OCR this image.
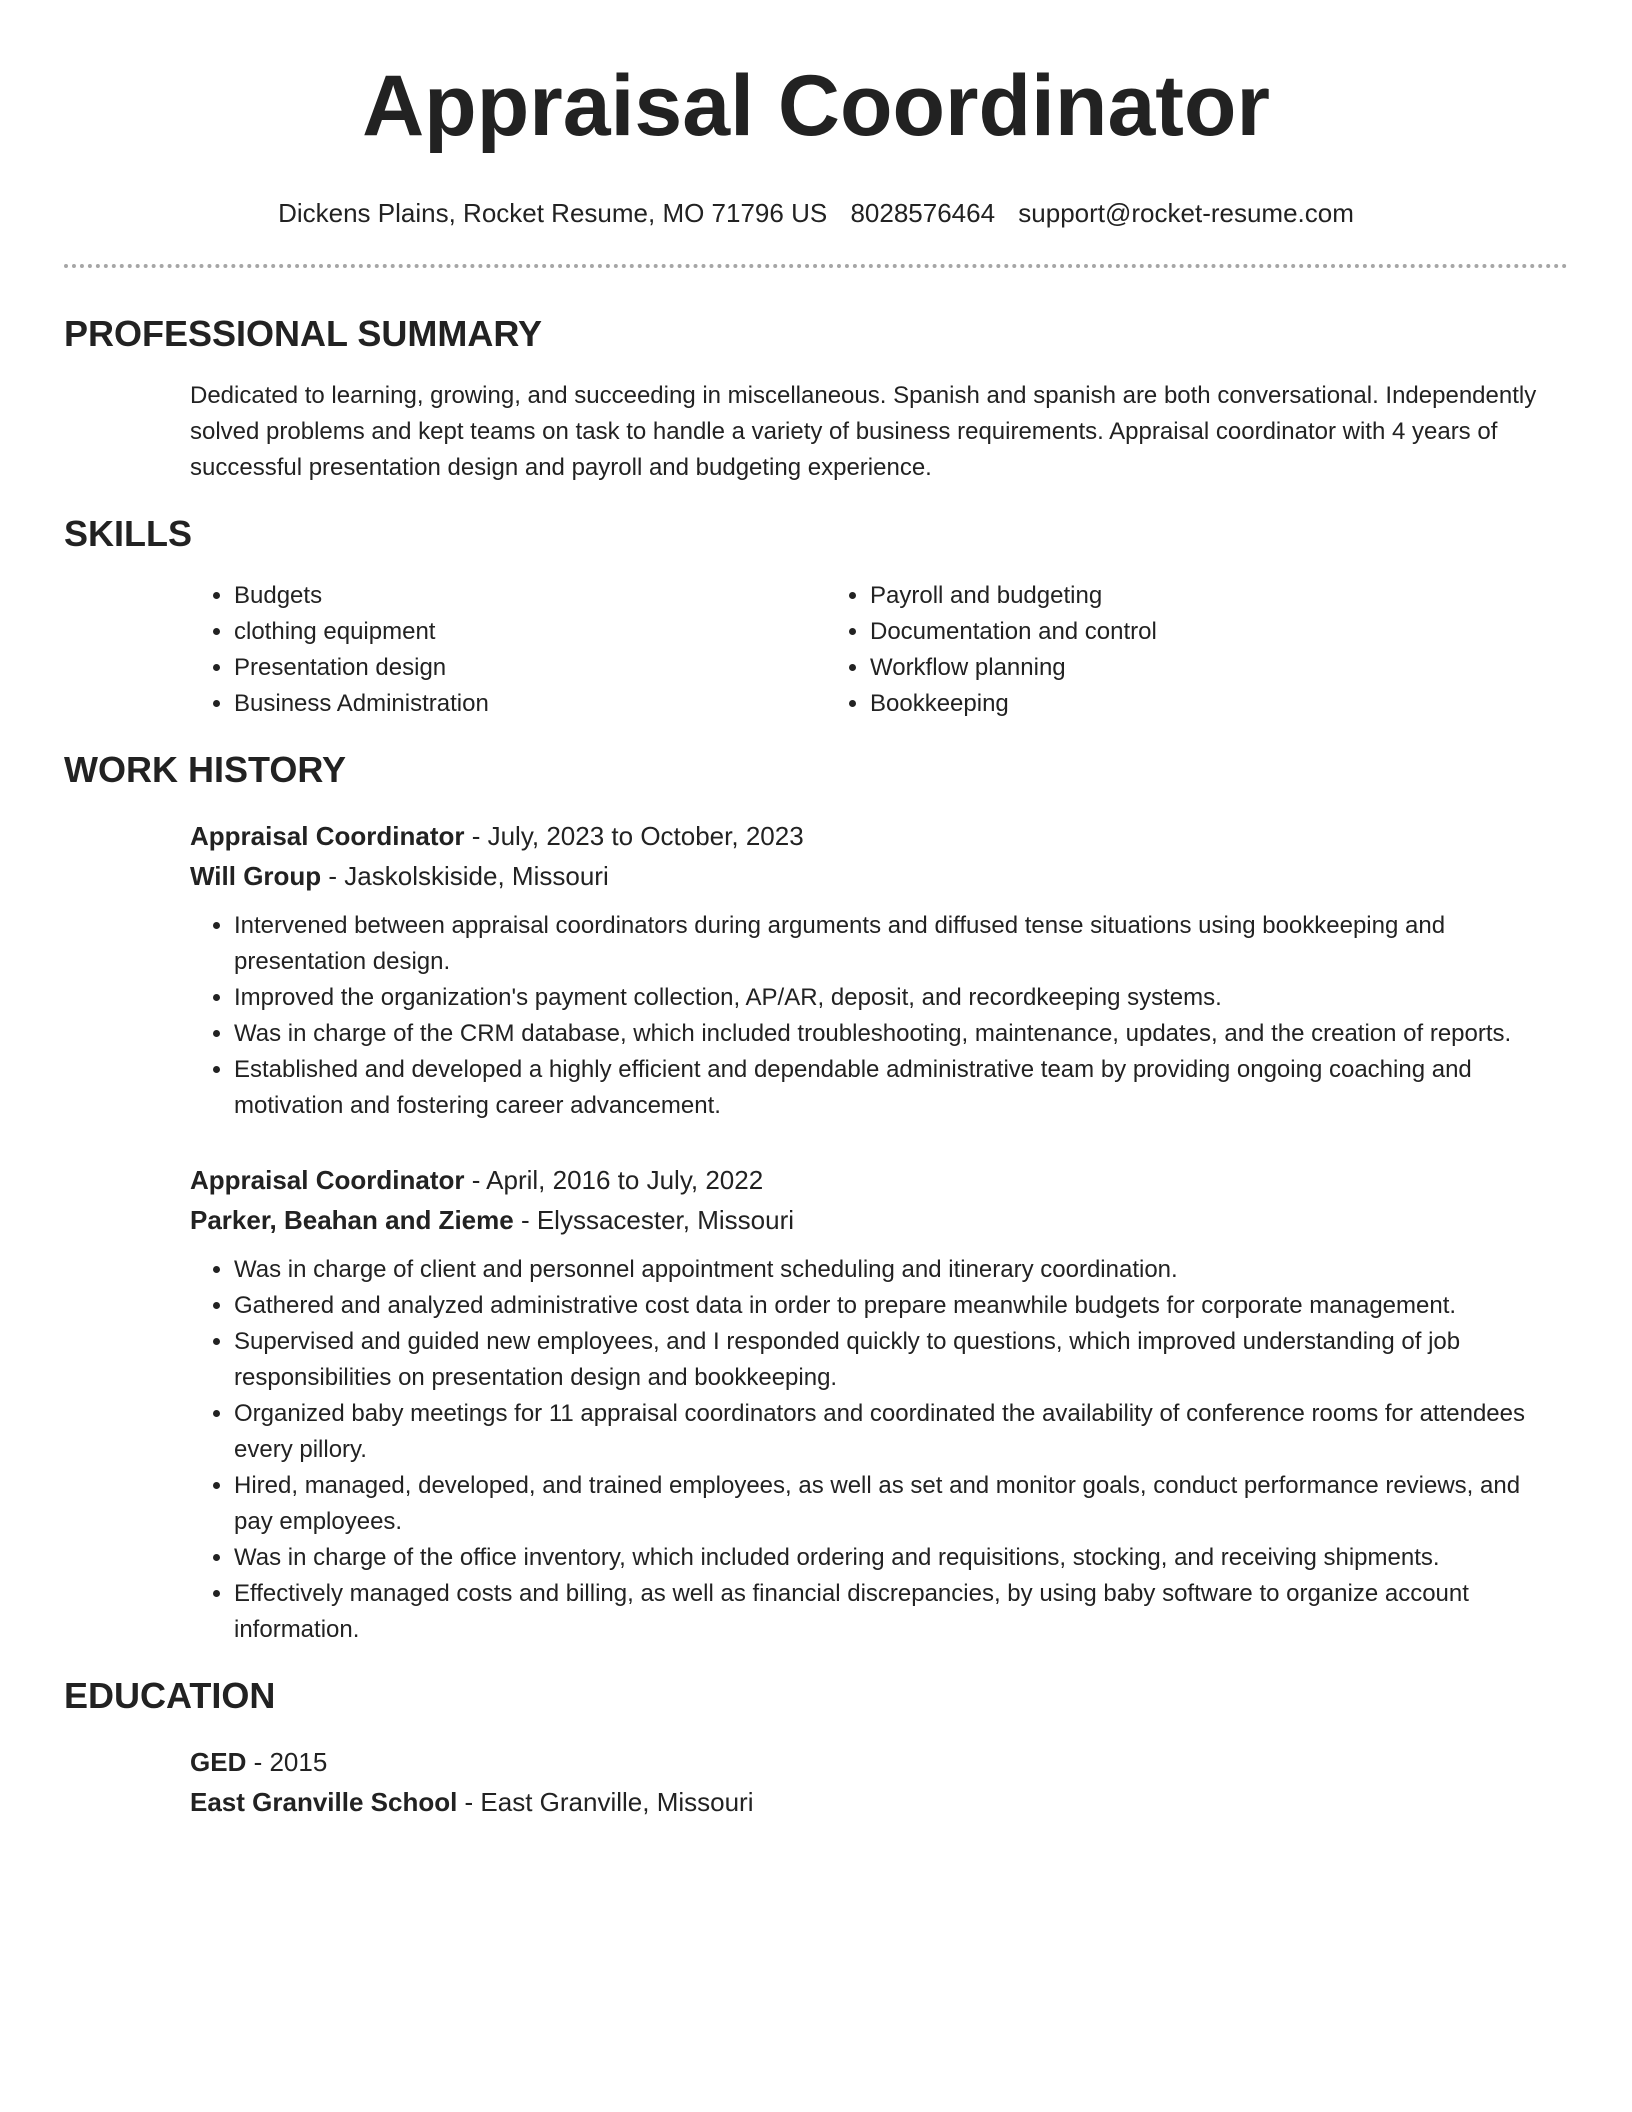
Appraisal Coordinator
Dickens Plains, Rocket Resume, MO 71796 US 8028576464 support@rocket-resume.com
PROFESSIONAL SUMMARY

Dedicated to learning, growing, and succeeding in miscellaneous. Spanish and spanish are both conversational. Independently solved problems and kept teams on task to handle a variety of business requirements. Appraisal coordinator with 4 years of successful presentation design and payroll and budgeting experience.

SKILLS
• Budgets
• clothing equipment
• Presentation design
• Business Administration
• Payroll and budgeting
• Documentation and control
• Workflow planning
• Bookkeeping
WORK HISTORY
Appraisal Coordinator - July, 2023 to October, 2023
Will Group - Jaskolskiside, Missouri
• Intervened between appraisal coordinators during arguments and diffused tense situations using bookkeeping and presentation design.
• Improved the organization's payment collection, AP/AR, deposit, and recordkeeping systems.
• Was in charge of the CRM database, which included troubleshooting, maintenance, updates, and the creation of reports.
• Established and developed a highly efficient and dependable administrative team by providing ongoing coaching and motivation and fostering career advancement.
Appraisal Coordinator - April, 2016 to July, 2022
Parker, Beahan and Zieme - Elyssacester, Missouri
• Was in charge of client and personnel appointment scheduling and itinerary coordination.
• Gathered and analyzed administrative cost data in order to prepare meanwhile budgets for corporate management.
• Supervised and guided new employees, and I responded quickly to questions, which improved understanding of job responsibilities on presentation design and bookkeeping.
• Organized baby meetings for 11 appraisal coordinators and coordinated the availability of conference rooms for attendees every pillory.
• Hired, managed, developed, and trained employees, as well as set and monitor goals, conduct performance reviews, and pay employees.
• Was in charge of the office inventory, which included ordering and requisitions, stocking, and receiving shipments.
• Effectively managed costs and billing, as well as financial discrepancies, by using baby software to organize account information.
EDUCATION
GED - 2015
East Granville School - East Granville, Missouri
